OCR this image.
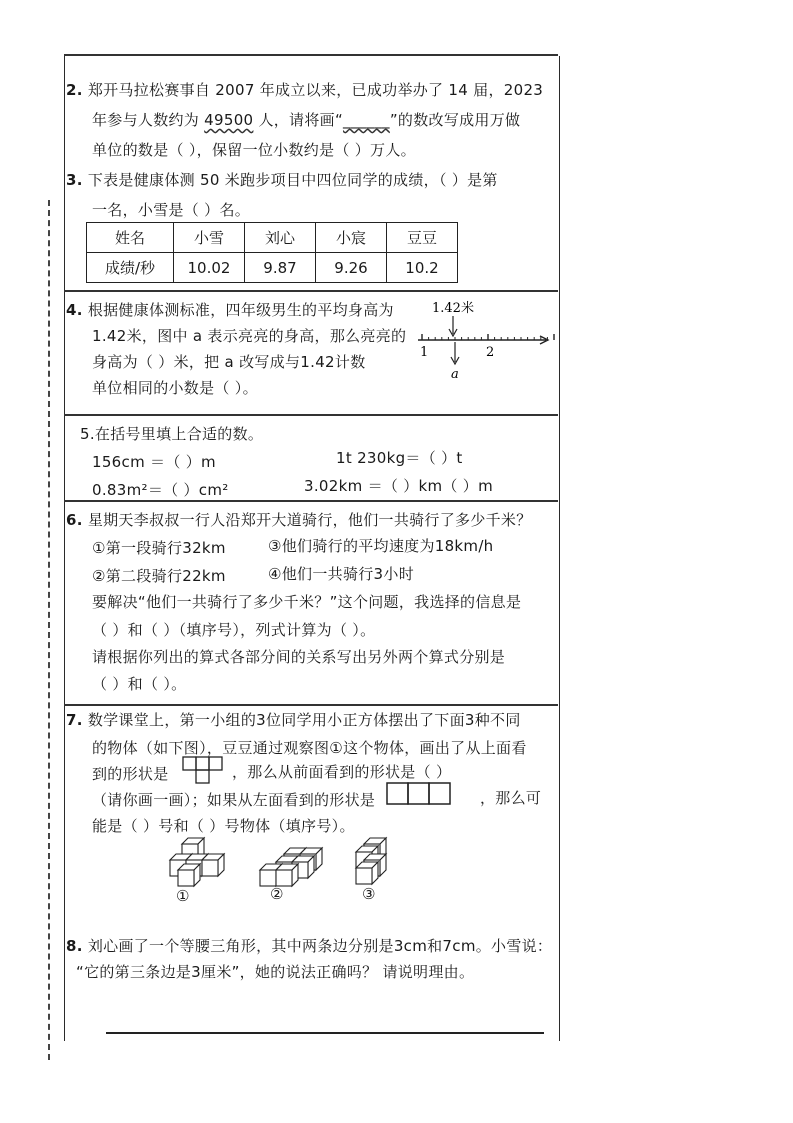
2. 郑开马拉松赛事自 2007 年成立以来，已成功举办了 14 届，2023
年参与人数约为 49500 人，请将画“______”的数改写成用万做
单位的数是（ ），保留一位小数约是（ ）万人。
3. 下表是健康体测 50 米跑步项目中四位同学的成绩，（ ）是第
一名，小雪是（ ）名。
姓名	小雪	刘心	小宸	豆豆
成绩/秒	10.02	9.87	9.26	10.2
4. 根据健康体测标准，四年级男生的平均身高为
1.42米，图中 a 表示亮亮的身高，那么亮亮的
身高为（ ）米，把 a 改写成与1.42计数
单位相同的小数是（ ）。
1.42米
1	2
a
5.在括号里填上合适的数。
156cm ＝（ ）m	1t 230kg＝（ ）t
0.83m²＝（ ）cm²	3.02km ＝（ ）km（ ）m
6. 星期天李叔叔一行人沿郑开大道骑行，他们一共骑行了多少千米？
①第一段骑行32km	③他们骑行的平均速度为18km/h
②第二段骑行22km	④他们一共骑行3小时
要解决“他们一共骑行了多少千米？”这个问题，我选择的信息是
（ ）和（ ）（填序号），列式计算为（ ）。
请根据你列出的算式各部分间的关系写出另外两个算式分别是
（ ）和（ ）。
7. 数学课堂上，第一小组的3位同学用小正方体摆出了下面3种不同
的物体（如下图），豆豆通过观察图①这个物体，画出了从上面看
到的形状是	，那么从前面看到的形状是（ ）
（请你画一画）；如果从左面看到的形状是	，那么可
能是（ ）号和（ ）号物体（填序号）。
①	②	③
8. 刘心画了一个等腰三角形，其中两条边分别是3cm和7cm。小雪说：
“它的第三条边是3厘米”，她的说法正确吗？ 请说明理由。
